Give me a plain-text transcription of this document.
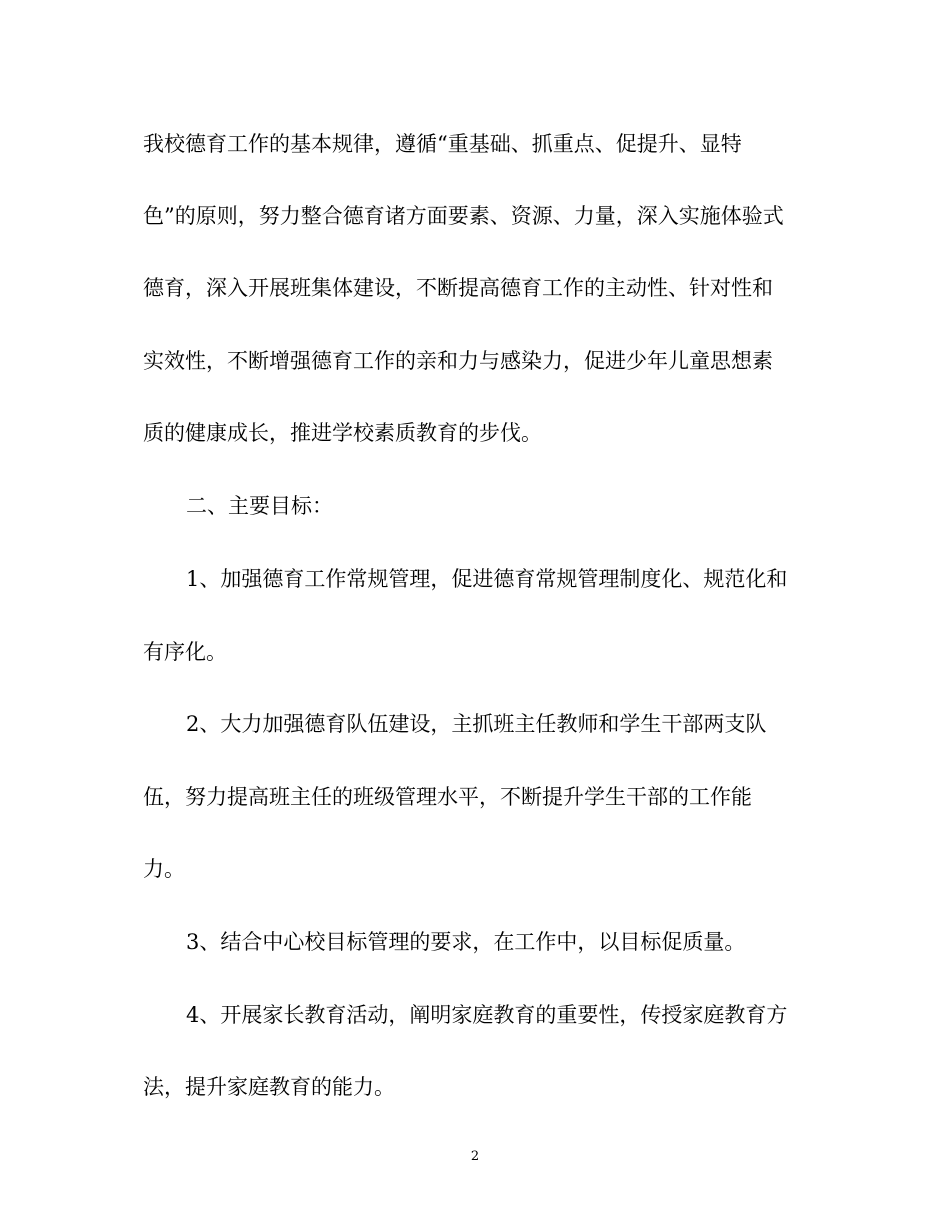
我校德育工作的基本规律，遵循“重基础、抓重点、促提升、显特
色”的原则，努力整合德育诸方面要素、资源、力量，深入实施体验式
德育，深入开展班集体建设，不断提高德育工作的主动性、针对性和
实效性，不断增强德育工作的亲和力与感染力，促进少年儿童思想素
质的健康成长，推进学校素质教育的步伐。
二、主要目标：
1、加强德育工作常规管理，促进德育常规管理制度化、规范化和
有序化。
2、大力加强德育队伍建设，主抓班主任教师和学生干部两支队
伍，努力提高班主任的班级管理水平，不断提升学生干部的工作能
力。
3、结合中心校目标管理的要求，在工作中，以目标促质量。
4、开展家长教育活动，阐明家庭教育的重要性，传授家庭教育方
法，提升家庭教育的能力。
2
